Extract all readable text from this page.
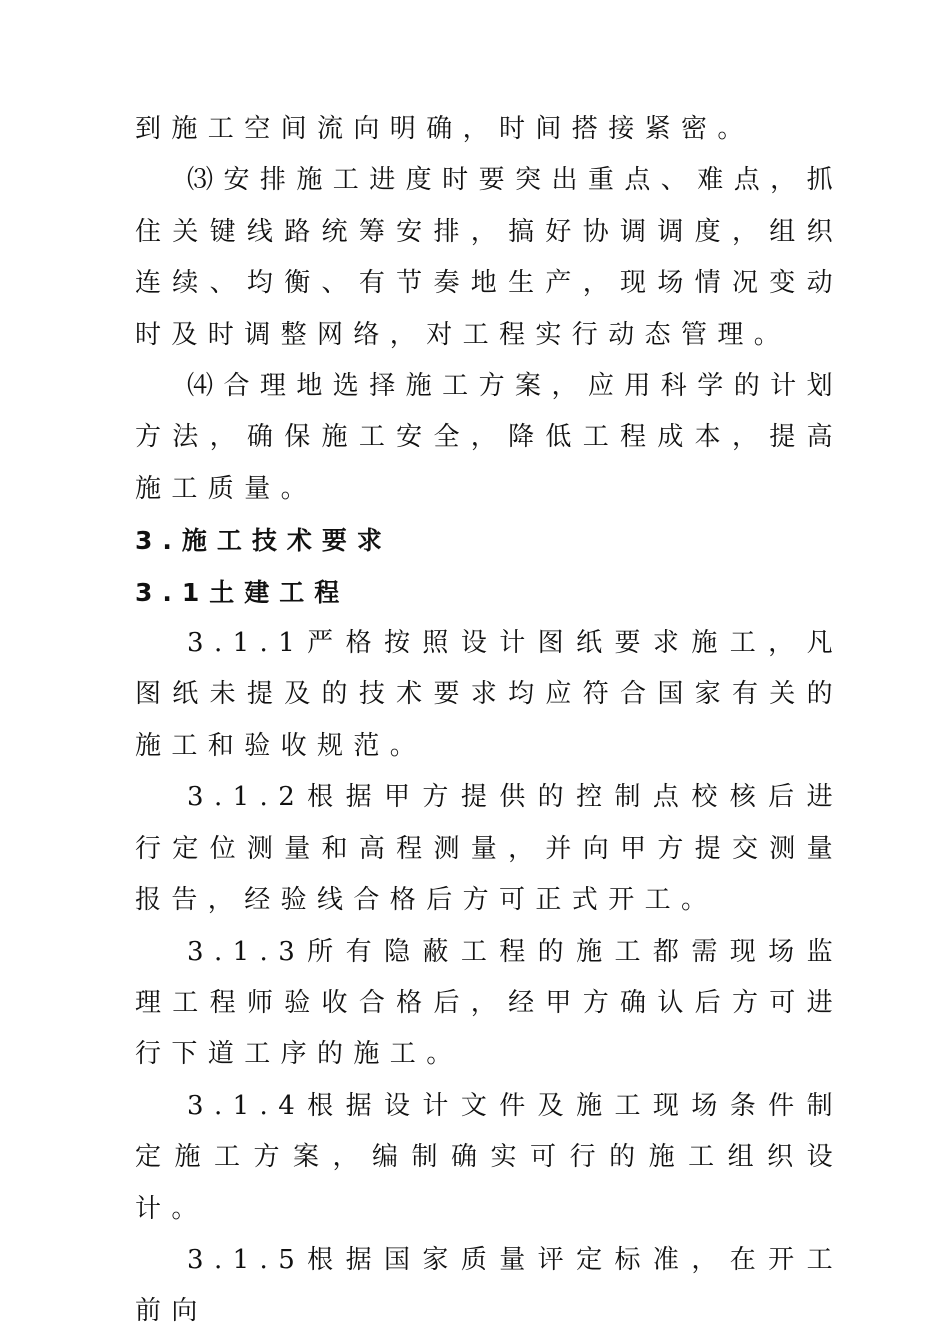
到施工空间流向明确，时间搭接紧密。

⑶安排施工进度时要突出重点、难点，抓住关键线路统筹安排，搞好协调调度，组织连续、均衡、有节奏地生产，现场情况变动时及时调整网络，对工程实行动态管理。

⑷合理地选择施工方案，应用科学的计划方法，确保施工安全，降低工程成本，提高施工质量。

3.施工技术要求

3.1土建工程

3.1.1严格按照设计图纸要求施工，凡图纸未提及的技术要求均应符合国家有关的施工和验收规范。

3.1.2根据甲方提供的控制点校核后进行定位测量和高程测量，并向甲方提交测量报告，经验线合格后方可正式开工。

3.1.3所有隐蔽工程的施工都需现场监理工程师验收合格后，经甲方确认后方可进行下道工序的施工。

3.1.4根据设计文件及施工现场条件制定施工方案，编制确实可行的施工组织设计。

3.1.5根据国家质量评定标准，在开工前向
